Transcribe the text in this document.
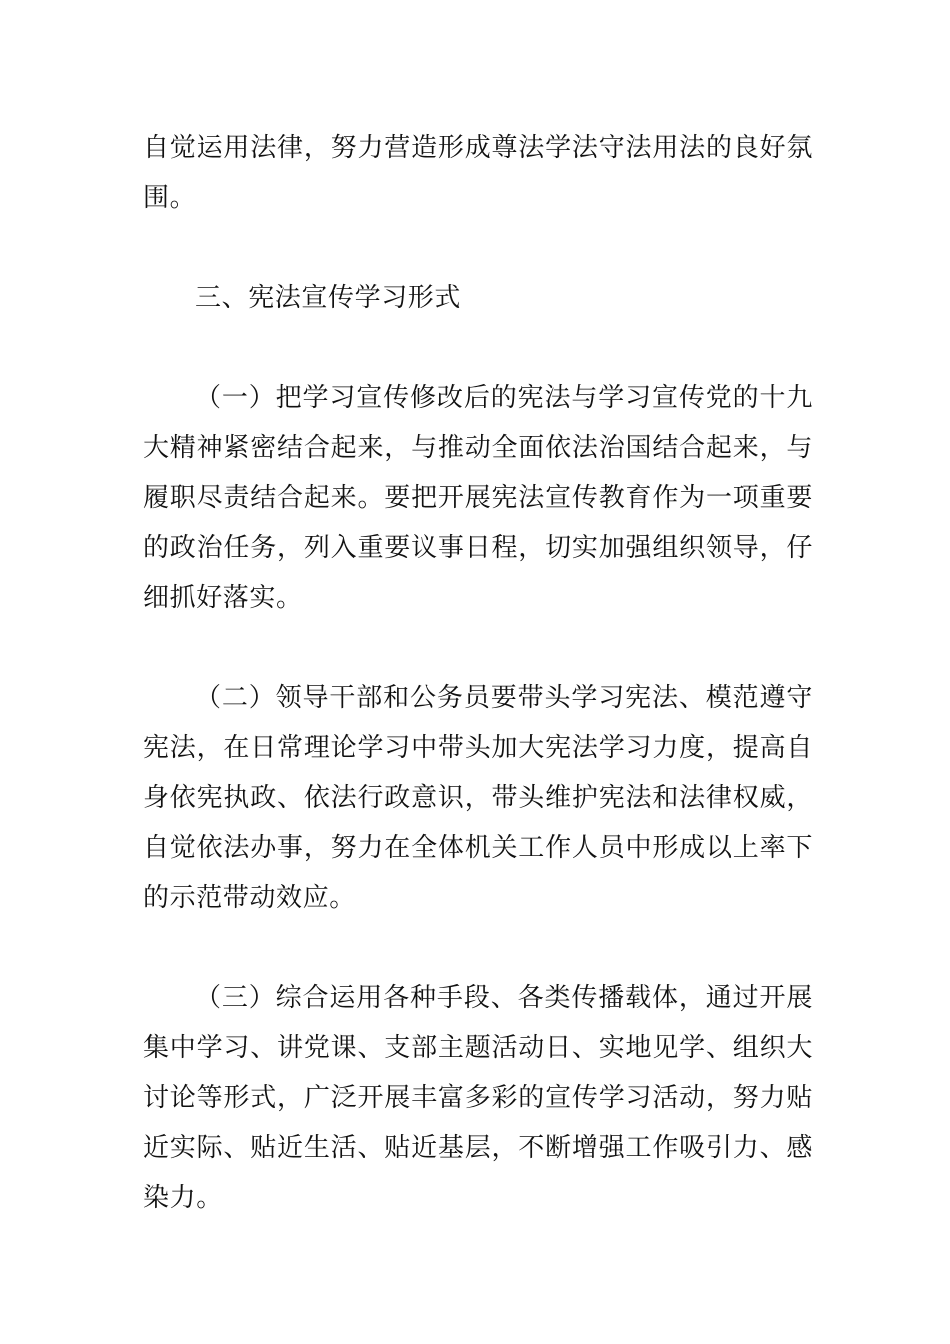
自觉运用法律，努力营造形成尊法学法守法用法的良好氛
围。
三、宪法宣传学习形式
（一）把学习宣传修改后的宪法与学习宣传党的十九
大精神紧密结合起来，与推动全面依法治国结合起来，与
履职尽责结合起来。要把开展宪法宣传教育作为一项重要
的政治任务，列入重要议事日程，切实加强组织领导，仔
细抓好落实。
（二）领导干部和公务员要带头学习宪法、模范遵守
宪法，在日常理论学习中带头加大宪法学习力度，提高自
身依宪执政、依法行政意识，带头维护宪法和法律权威，
自觉依法办事，努力在全体机关工作人员中形成以上率下
的示范带动效应。
（三）综合运用各种手段、各类传播载体，通过开展
集中学习、讲党课、支部主题活动日、实地见学、组织大
讨论等形式，广泛开展丰富多彩的宣传学习活动，努力贴
近实际、贴近生活、贴近基层，不断增强工作吸引力、感
染力。
